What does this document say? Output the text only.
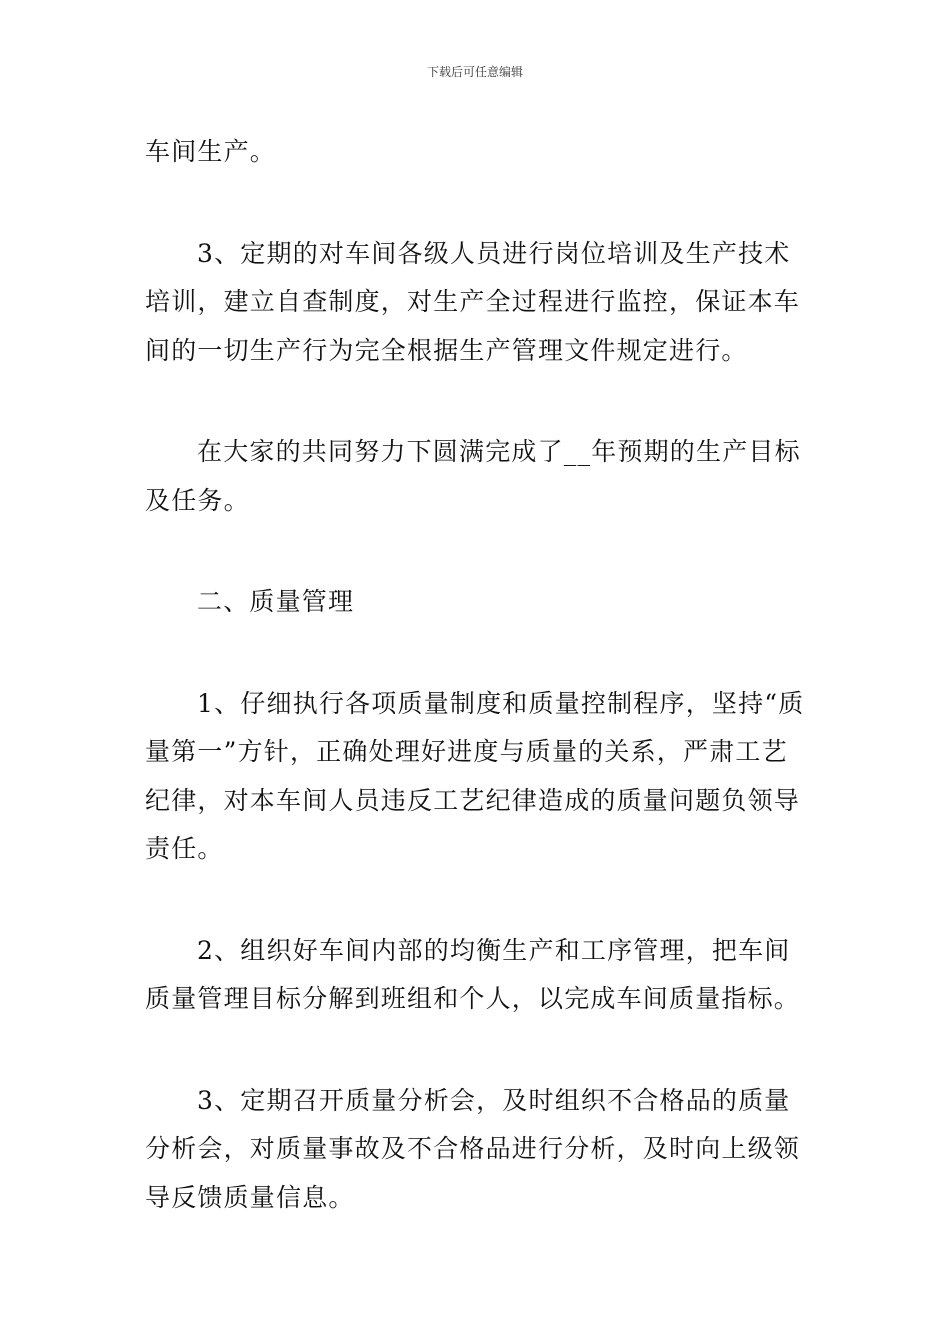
下载后可任意编辑

车间生产。

3、定期的对车间各级人员进行岗位培训及生产技术培训，建立自查制度，对生产全过程进行监控，保证本车间的一切生产行为完全根据生产管理文件规定进行。

在大家的共同努力下圆满完成了__年预期的生产目标及任务。

二、质量管理

1、仔细执行各项质量制度和质量控制程序，坚持“质量第一”方针，正确处理好进度与质量的关系，严肃工艺纪律，对本车间人员违反工艺纪律造成的质量问题负领导责任。

2、组织好车间内部的均衡生产和工序管理，把车间质量管理目标分解到班组和个人，以完成车间质量指标。

3、定期召开质量分析会，及时组织不合格品的质量分析会，对质量事故及不合格品进行分析，及时向上级领导反馈质量信息。
